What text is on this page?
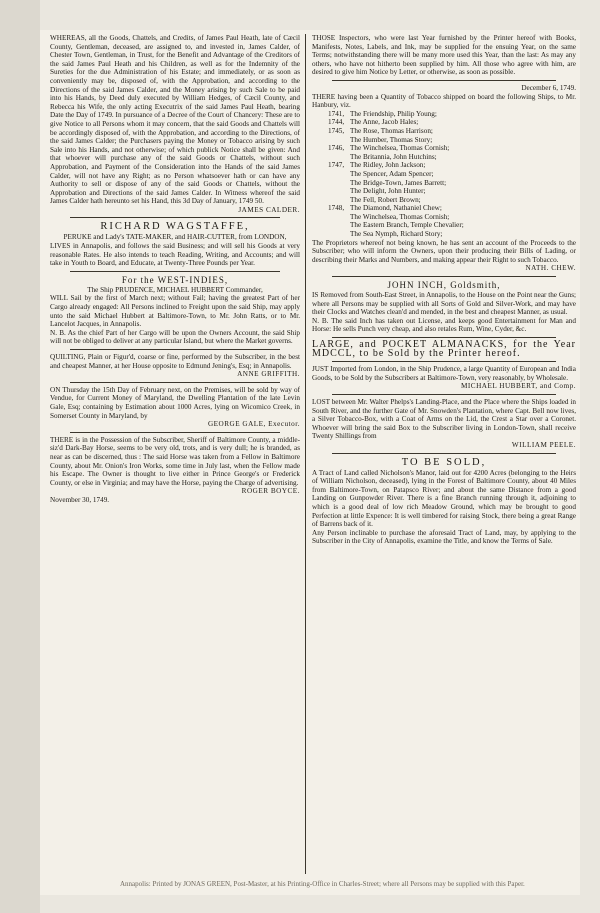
WHEREAS, all the Goods, Chattels, and Credits, of James Paul Heath, late of Cæcil County, Gentleman, deceased, are assigned to, and invested in, James Calder, of Chester Town, Gentleman, in Trust, for the Benefit and Advantage of the Creditors of the said James Paul Heath and his Children, as well as for the Indemnity of the Sureties for the due Administration of his Estate; and immediately, or as soon as conveniently may be, disposed of, with the Approbation, and according to the Directions of the said James Calder, and the Money arising by such Sale to be paid into his Hands, by Deed duly executed by William Hedges, of Cæcil County, and Rebecca his Wife, the only acting Executrix of the said James Paul Heath, bearing Date the Day of 1749. In pursuance of a Decree of the Court of Chancery: These are to give Notice to all Persons whom it may concern, that the said Goods and Chattels will be accordingly disposed of, with the Approbation, and according to the Directions, of the said James Calder; the Purchasers paying the Money or Tobacco arising by such Sale into his Hands, and not otherwise; of which publick Notice shall be given: And that whoever will purchase any of the said Goods or Chattels, without such Approbation, and Payment of the Consideration into the Hands of the said James Calder, will not have any Right; as no Person whatsoever hath or can have any Authority to sell or dispose of any of the said Goods or Chattels, without the Approbation and Directions of the said James Calder. In Witness whereof the said James Calder hath hereunto set his Hand, this 3d Day of January, 1749 50.

JAMES CALDER.

RICHARD WAGSTAFFE,

PERUKE and Lady's TATE-MAKER, and HAIR-CUTTER, from LONDON,

LIVES in Annapolis, and follows the said Business; and will sell his Goods at very reasonable Rates. He also intends to teach Reading, Writing, and Accounts; and will take in Youth to Board, and Educate, at Twenty-Three Pounds per Year.

For the WEST-INDIES,

The Ship PRUDENCE, MICHAEL HUBBERT Commander,

WILL Sail by the first of March next; without Fail; having the greatest Part of her Cargo already engaged: All Persons inclined to Freight upon the said Ship, may apply unto the said Michael Hubbert at Baltimore-Town, to Mr. John Ratts, or to Mr. Lancelot Jacques, in Annapolis.

N. B. As the chief Part of her Cargo will be upon the Owners Account, the said Ship will not be obliged to deliver at any particular Island, but where the Market governs.

QUILTING, Plain or Figur'd, coarse or fine, performed by the Subscriber, in the best and cheapest Manner, at her House opposite to Edmund Jening's, Esq; in Annapolis.

ANNE GRIFFITH.

ON Thursday the 15th Day of February next, on the Premises, will be sold by way of Vendue, for Current Money of Maryland, the Dwelling Plantation of the late Levin Gale, Esq; containing by Estimation about 1000 Acres, lying on Wicomico Creek, in Somerset County in Maryland, by

GEORGE GALE, Executor.

THERE is in the Possession of the Subscriber, Sheriff of Baltimore County, a middle-siz'd Dark-Bay Horse, seems to be very old, trots, and is very dull; he is branded, as near as can be discerned, thus : The said Horse was taken from a Fellow in Baltimore County, about Mr. Onion's Iron Works, some time in July last, when the Fellow made his Escape. The Owner is thought to live either in Prince George's or Frederick County, or else in Virginia; and may have the Horse, paying the Charge of advertising.

ROGER BOYCE.

November 30, 1749.

THOSE Inspectors, who were last Year furnished by the Printer hereof with Books, Manifests, Notes, Labels, and Ink, may be supplied for the ensuing Year, on the same Terms; notwithstanding there will be many more used this Year, than the last: As may any others, who have not hitherto been supplied by him. All those who agree with him, are desired to give him Notice by Letter, or otherwise, as soon as possible.

December 6, 1749.

THERE having been a Quantity of Tobacco shipped on board the following Ships, to Mr. Hanbury, viz.

1741, The Friendship, Philip Young;

1744, The Anne, Jacob Hales;

1745, The Rose, Thomas Harrison;

The Humber, Thomas Story;

1746, The Winchelsea, Thomas Cornish;

The Britannia, John Hutchins;

1747, The Ridley, John Jackson;

The Spencer, Adam Spencer;

The Bridge-Town, James Barrett;

The Delight, John Hunter;

The Fell, Robert Brown;

1748, The Diamond, Nathaniel Chew;

The Winchelsea, Thomas Cornish;

The Eastern Branch, Temple Chevalier;

The Sea Nymph, Richard Story;

The Proprietors whereof not being known, he has sent an account of the Proceeds to the Subscriber; who will inform the Owners, upon their producing their Bills of Lading, or describing their Marks and Numbers, and making appear their Right to such Tobacco.

NATH. CHEW.

JOHN INCH, Goldsmith,

IS Removed from South-East Street, in Annapolis, to the House on the Point near the Guns; where all Persons may be supplied with all Sorts of Gold and Silver-Work, and may have their Clocks and Watches clean'd and mended, in the best and cheapest Manner, as usual.

N. B. The said Inch has taken out License, and keeps good Entertainment for Man and Horse: He sells Punch very cheap, and also retales Rum, Wine, Cyder, &c.

LARGE, and POCKET ALMANACKS, for the Year MDCCL, to be Sold by the Printer hereof.

JUST Imported from London, in the Ship Prudence, a large Quantity of European and India Goods, to be Sold by the Subscribers at Baltimore-Town, very reasonably, by Wholesale.

MICHAEL HUBBERT, and Comp.

LOST between Mr. Walter Phelps's Landing-Place, and the Place where the Ships loaded in South River, and the further Gate of Mr. Snowden's Plantation, where Capt. Bell now lives, a Silver Tobacco-Box, with a Coat of Arms on the Lid, the Crest a Star over a Coronet. Whoever will bring the said Box to the Subscriber living in London-Town, shall receive Twenty Shillings from

WILLIAM PEELE.

TO BE SOLD,

A Tract of Land called Nicholson's Manor, laid out for 4200 Acres (belonging to the Heirs of William Nicholson, deceased), lying in the Forest of Baltimore County, about 40 Miles from Baltimore-Town, on Patapsco River; and about the same Distance from a good Landing on Gunpowder River. There is a fine Branch running through it, adjoining to which is a good deal of low rich Meadow Ground, which may be brought to good Perfection at little Expence: It is well timbered for raising Stock, there being a great Range of Barrens back of it.

Any Person inclinable to purchase the aforesaid Tract of Land, may, by applying to the Subscriber in the City of Annapolis, examine the Title, and know the Terms of Sale.

Annapolis: Printed by JONAS GREEN, Post-Master, at his Printing-Office in Charles-Street; where all Persons may be supplied with this Paper.
